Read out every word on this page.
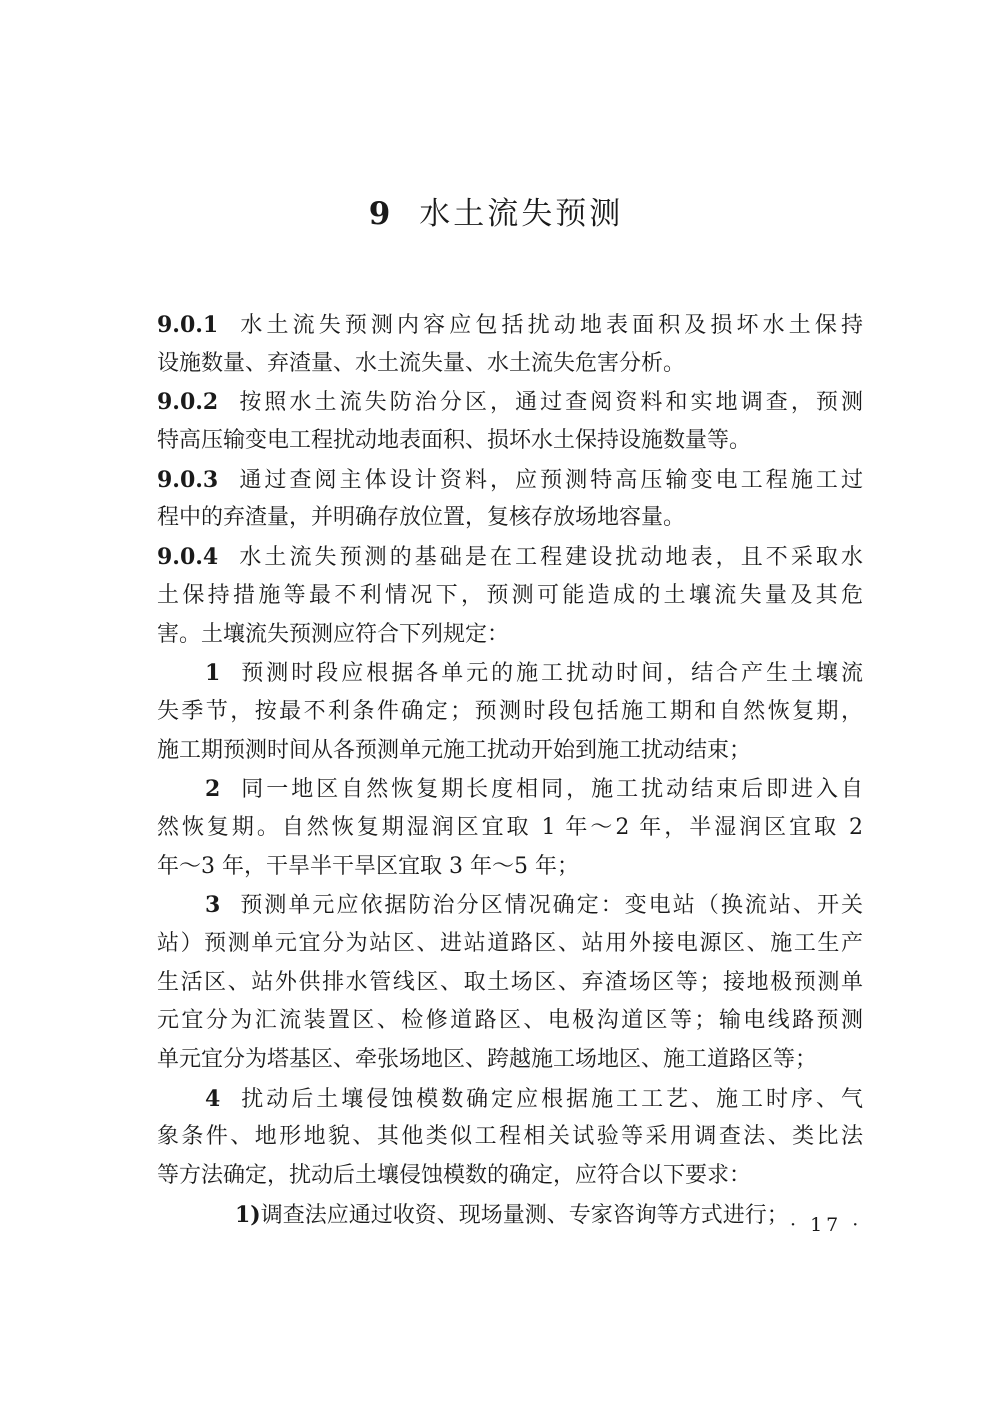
9 水土流失预测
9.0.1 水土流失预测内容应包括扰动地表面积及损坏水土保持
设施数量、弃渣量、水土流失量、水土流失危害分析。
9.0.2 按照水土流失防治分区，通过查阅资料和实地调查，预测
特高压输变电工程扰动地表面积、损坏水土保持设施数量等。
9.0.3 通过查阅主体设计资料，应预测特高压输变电工程施工过
程中的弃渣量，并明确存放位置，复核存放场地容量。
9.0.4 水土流失预测的基础是在工程建设扰动地表，且不采取水
土保持措施等最不利情况下，预测可能造成的土壤流失量及其危
害。土壤流失预测应符合下列规定：
1 预测时段应根据各单元的施工扰动时间，结合产生土壤流
失季节，按最不利条件确定；预测时段包括施工期和自然恢复期，
施工期预测时间从各预测单元施工扰动开始到施工扰动结束；
2 同一地区自然恢复期长度相同，施工扰动结束后即进入自
然恢复期。自然恢复期湿润区宜取 1 年～2 年，半湿润区宜取 2
年～3 年，干旱半干旱区宜取 3 年～5 年；
3 预测单元应依据防治分区情况确定：变电站（换流站、开关
站）预测单元宜分为站区、进站道路区、站用外接电源区、施工生产
生活区、站外供排水管线区、取土场区、弃渣场区等；接地极预测单
元宜分为汇流装置区、检修道路区、电极沟道区等；输电线路预测
单元宜分为塔基区、牵张场地区、跨越施工场地区、施工道路区等；
4 扰动后土壤侵蚀模数确定应根据施工工艺、施工时序、气
象条件、地形地貌、其他类似工程相关试验等采用调查法、类比法
等方法确定，扰动后土壤侵蚀模数的确定，应符合以下要求：
1)调查法应通过收资、现场量测、专家咨询等方式进行； · 17 ·
